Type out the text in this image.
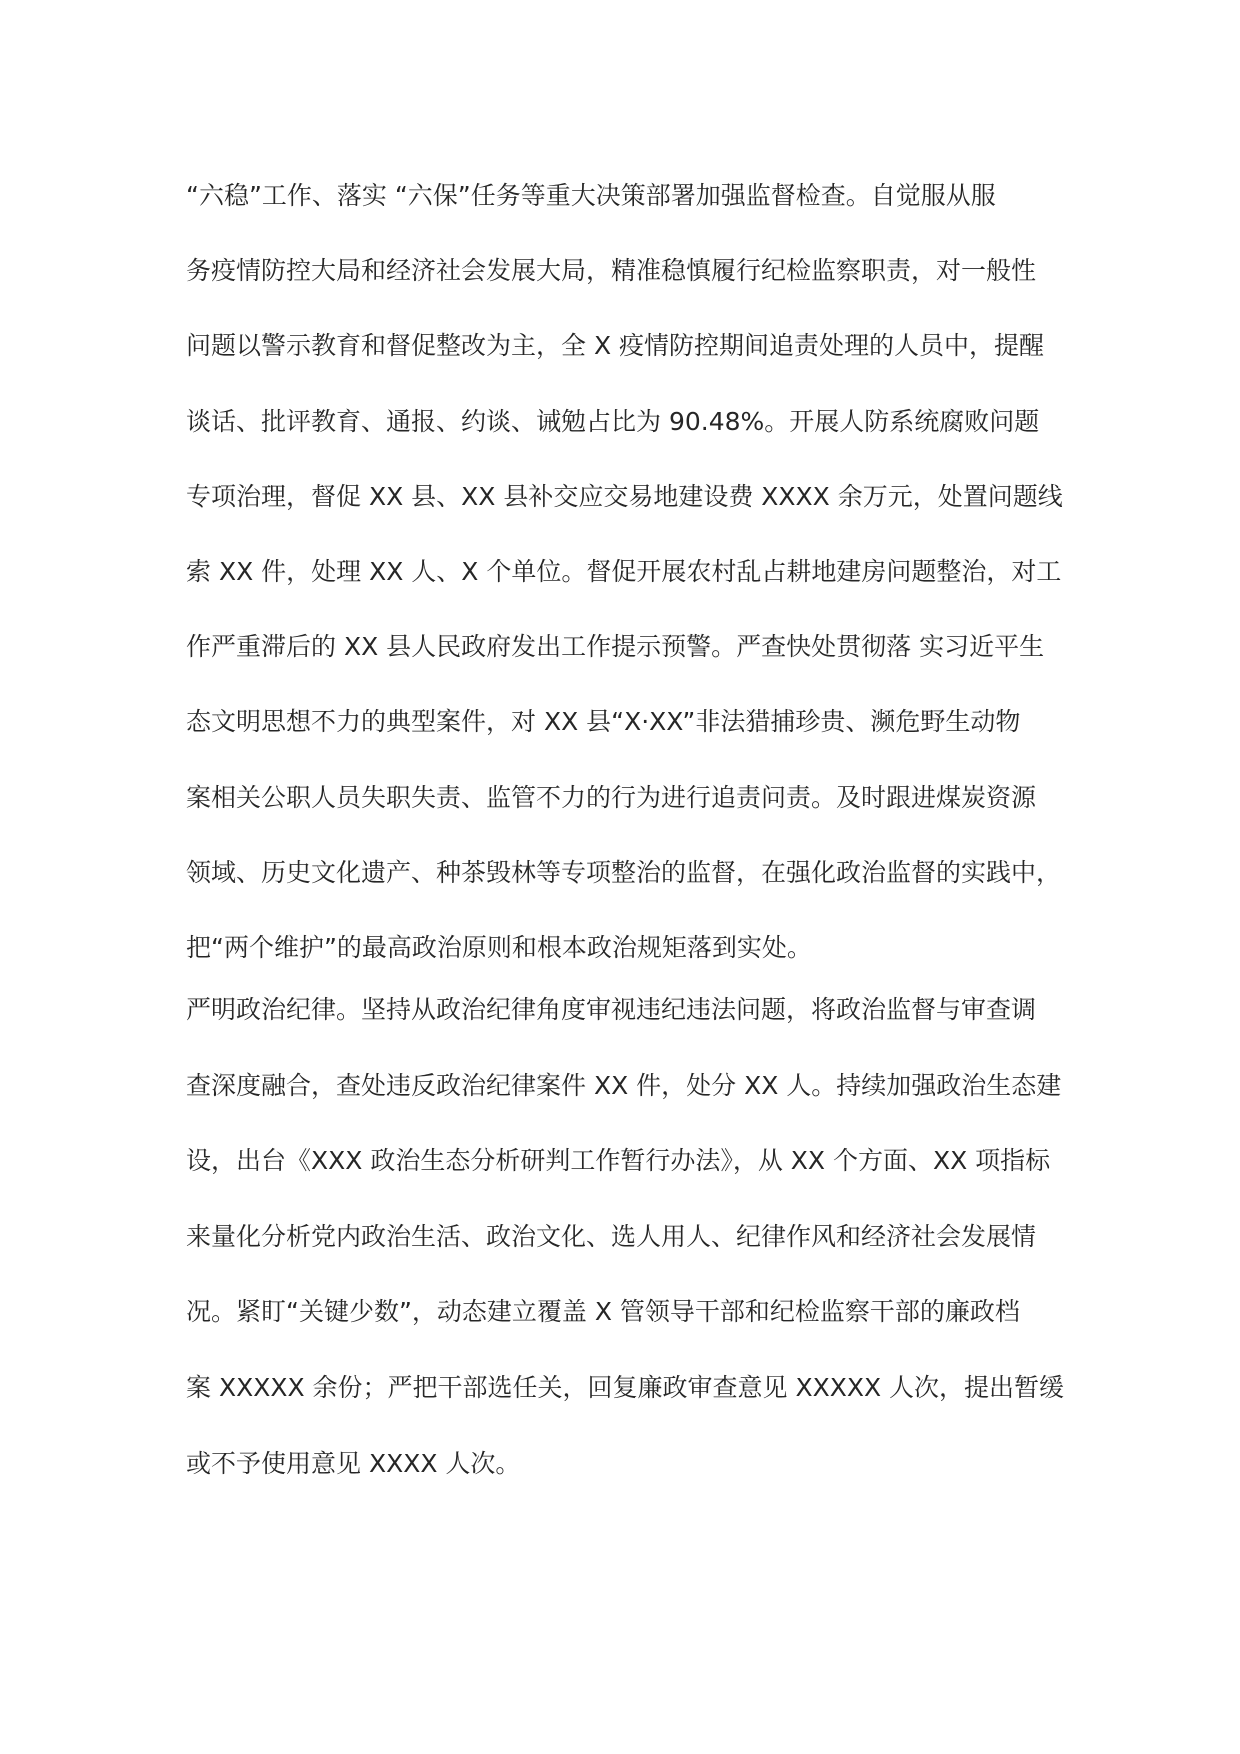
“六稳”工作、落实 “六保”任务等重大决策部署加强监督检查。自觉服从服
务疫情防控大局和经济社会发展大局，精准稳慎履行纪检监察职责，对一般性
问题以警示教育和督促整改为主，全 X 疫情防控期间追责处理的人员中，提醒
谈话、批评教育、通报、约谈、诫勉占比为 90.48%。开展人防系统腐败问题
专项治理，督促 XX 县、XX 县补交应交易地建设费 XXXX 余万元，处置问题线
索 XX 件，处理 XX 人、X 个单位。督促开展农村乱占耕地建房问题整治，对工
作严重滞后的 XX 县人民政府发出工作提示预警。严查快处贯彻落 实习近平生
态文明思想不力的典型案件，对 XX 县“X·XX”非法猎捕珍贵、濒危野生动物
案相关公职人员失职失责、监管不力的行为进行追责问责。及时跟进煤炭资源
领域、历史文化遗产、种茶毁林等专项整治的监督，在强化政治监督的实践中，
把“两个维护”的最高政治原则和根本政治规矩落到实处。
严明政治纪律。坚持从政治纪律角度审视违纪违法问题，将政治监督与审查调
查深度融合，查处违反政治纪律案件 XX 件，处分 XX 人。持续加强政治生态建
设，出台《XXX 政治生态分析研判工作暂行办法》，从 XX 个方面、XX 项指标
来量化分析党内政治生活、政治文化、选人用人、纪律作风和经济社会发展情
况。紧盯“关键少数”，动态建立覆盖 X 管领导干部和纪检监察干部的廉政档
案 XXXXX 余份；严把干部选任关，回复廉政审查意见 XXXXX 人次，提出暂缓
或不予使用意见 XXXX 人次。
